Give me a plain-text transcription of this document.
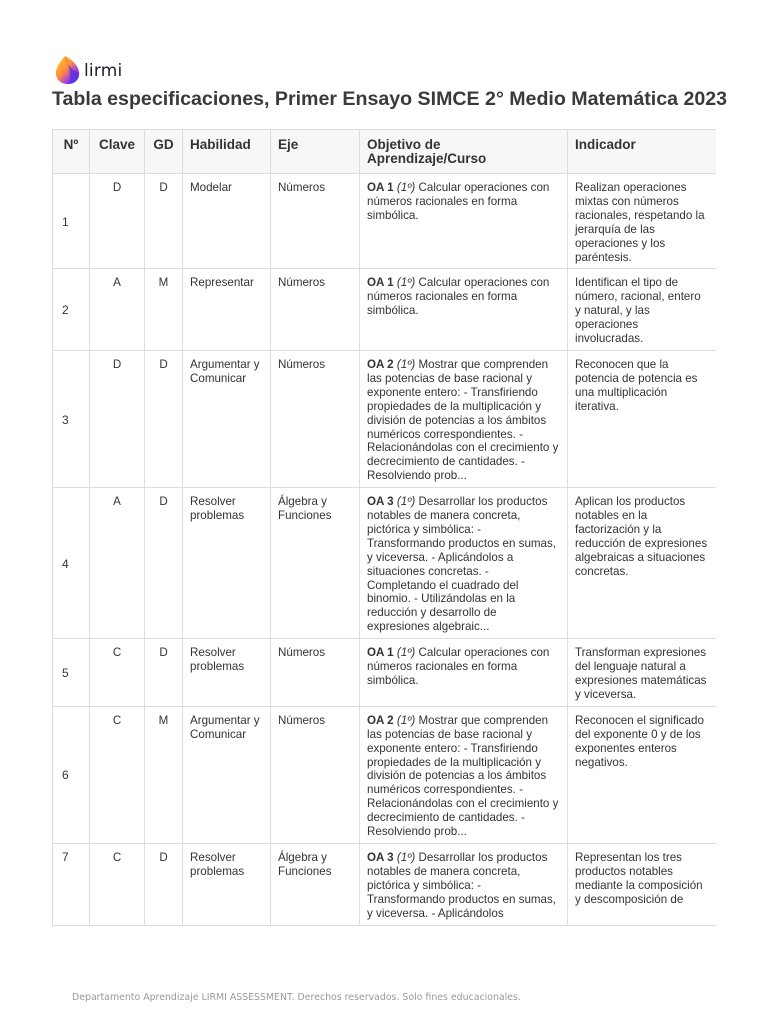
lirmi
Tabla especificaciones, Primer Ensayo SIMCE 2° Medio Matemática 2023
Nº	Clave	GD	Habilidad	Eje	Objetivo de Aprendizaje/Curso	Indicador
1	D	D	Modelar	Números	OA 1 (1º) Calcular operaciones con números racionales en forma simbólica.	Realizan operaciones mixtas con números racionales, respetando la jerarquía de las operaciones y los paréntesis.
2	A	M	Representar	Números	OA 1 (1º) Calcular operaciones con números racionales en forma simbólica.	Identifican el tipo de número, racional, entero y natural, y las operaciones involucradas.
3	D	D	Argumentar y Comunicar	Números	OA 2 (1º) Mostrar que comprenden las potencias de base racional y exponente entero: - Transfiriendo propiedades de la multiplicación y división de potencias a los ámbitos numéricos correspondientes. - Relacionándolas con el crecimiento y decrecimiento de cantidades. - Resolviendo prob...	Reconocen que la potencia de potencia es una multiplicación iterativa.
4	A	D	Resolver problemas	Álgebra y Funciones	OA 3 (1º) Desarrollar los productos notables de manera concreta, pictórica y simbólica: - Transformando productos en sumas, y viceversa. - Aplicándolos a situaciones concretas. - Completando el cuadrado del binomio. - Utilizándolas en la reducción y desarrollo de expresiones algebraic...	Aplican los productos notables en la factorización y la reducción de expresiones algebraicas a situaciones concretas.
5	C	D	Resolver problemas	Números	OA 1 (1º) Calcular operaciones con números racionales en forma simbólica.	Transforman expresiones del lenguaje natural a expresiones matemáticas y viceversa.
6	C	M	Argumentar y Comunicar	Números	OA 2 (1º) Mostrar que comprenden las potencias de base racional y exponente entero: - Transfiriendo propiedades de la multiplicación y división de potencias a los ámbitos numéricos correspondientes. - Relacionándolas con el crecimiento y decrecimiento de cantidades. - Resolviendo prob...	Reconocen el significado del exponente 0 y de los exponentes enteros negativos.
7	C	D	Resolver problemas	Álgebra y Funciones	OA 3 (1º) Desarrollar los productos notables de manera concreta, pictórica y simbólica: - Transformando productos en sumas, y viceversa. - Aplicándolos	Representan los tres productos notables mediante la composición y descomposición de
Departamento Aprendizaje LIRMI ASSESSMENT. Derechos reservados. Solo fines educacionales.
